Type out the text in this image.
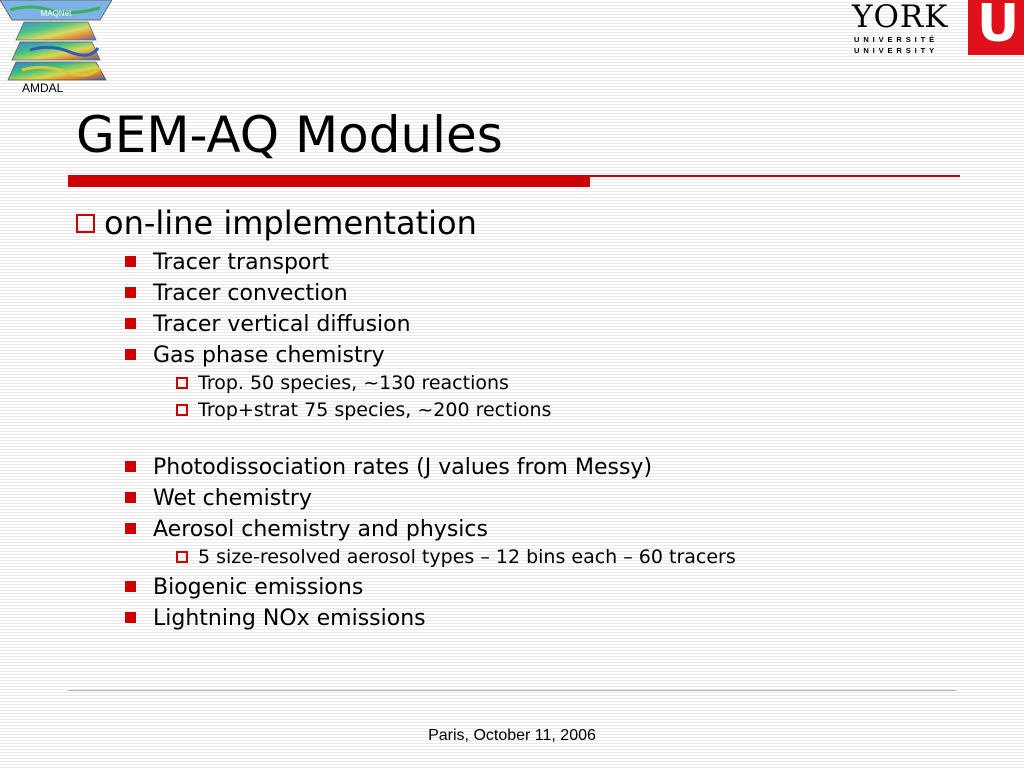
MAQNet
AMDAL
YORK
UNIVERSITÉ
UNIVERSITY U
GEM-AQ Modules
on-line implementation
Tracer transport
Tracer convection
Tracer vertical diffusion
Gas phase chemistry
Trop. 50 species, ~130 reactions
Trop+strat 75 species, ~200 rections
Photodissociation rates (J values from Messy)
Wet chemistry
Aerosol chemistry and physics
5 size-resolved aerosol types – 12 bins each – 60 tracers
Biogenic emissions
Lightning NOx emissions
Paris, October 11, 2006
